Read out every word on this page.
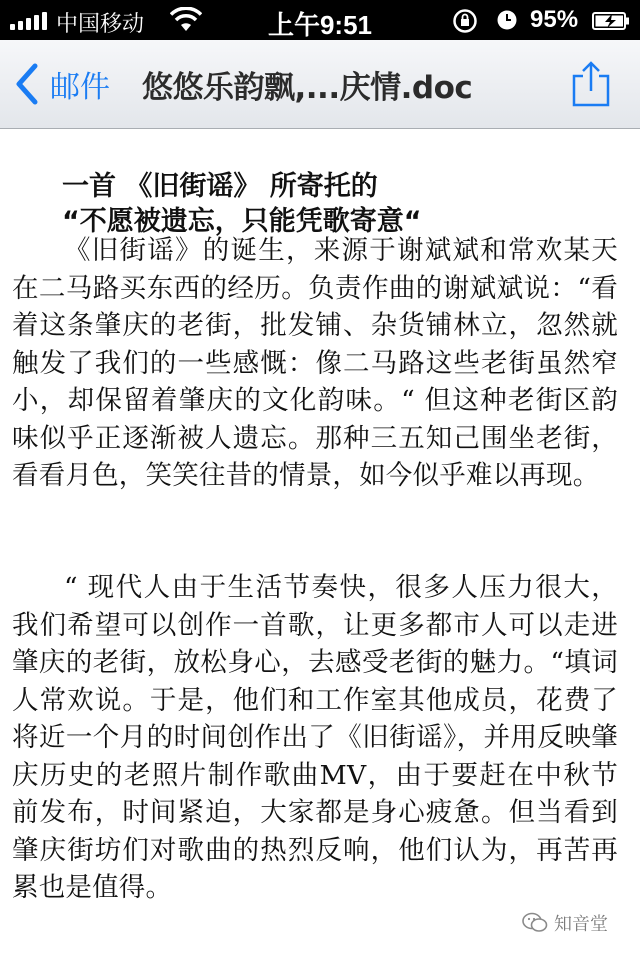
中国移动	上午9:51	95%
邮件 悠悠乐韵飘,...庆情.doc
一首 《旧街谣》 所寄托的
“不愿被遗忘，只能凭歌寄意“

《旧街谣》的诞生，来源于谢斌斌和常欢某天在二马路买东西的经历。负责作曲的谢斌斌说：“看着这条肇庆的老街，批发铺、杂货铺林立，忽然就触发了我们的一些感慨：像二马路这些老街虽然窄小，却保留着肇庆的文化韵味。“ 但这种老街区韵味似乎正逐渐被人遗忘。那种三五知己围坐老街，看看月色，笑笑往昔的情景，如今似乎难以再现。

“ 现代人由于生活节奏快，很多人压力很大，我们希望可以创作一首歌，让更多都市人可以走进肇庆的老街，放松身心，去感受老街的魅力。“填词人常欢说。于是，他们和工作室其他成员，花费了将近一个月的时间创作出了《旧街谣》，并用反映肇庆历史的老照片制作歌曲MV，由于要赶在中秋节前发布，时间紧迫，大家都是身心疲惫。但当看到肇庆街坊们对歌曲的热烈反响，他们认为，再苦再累也是值得。

知音堂
